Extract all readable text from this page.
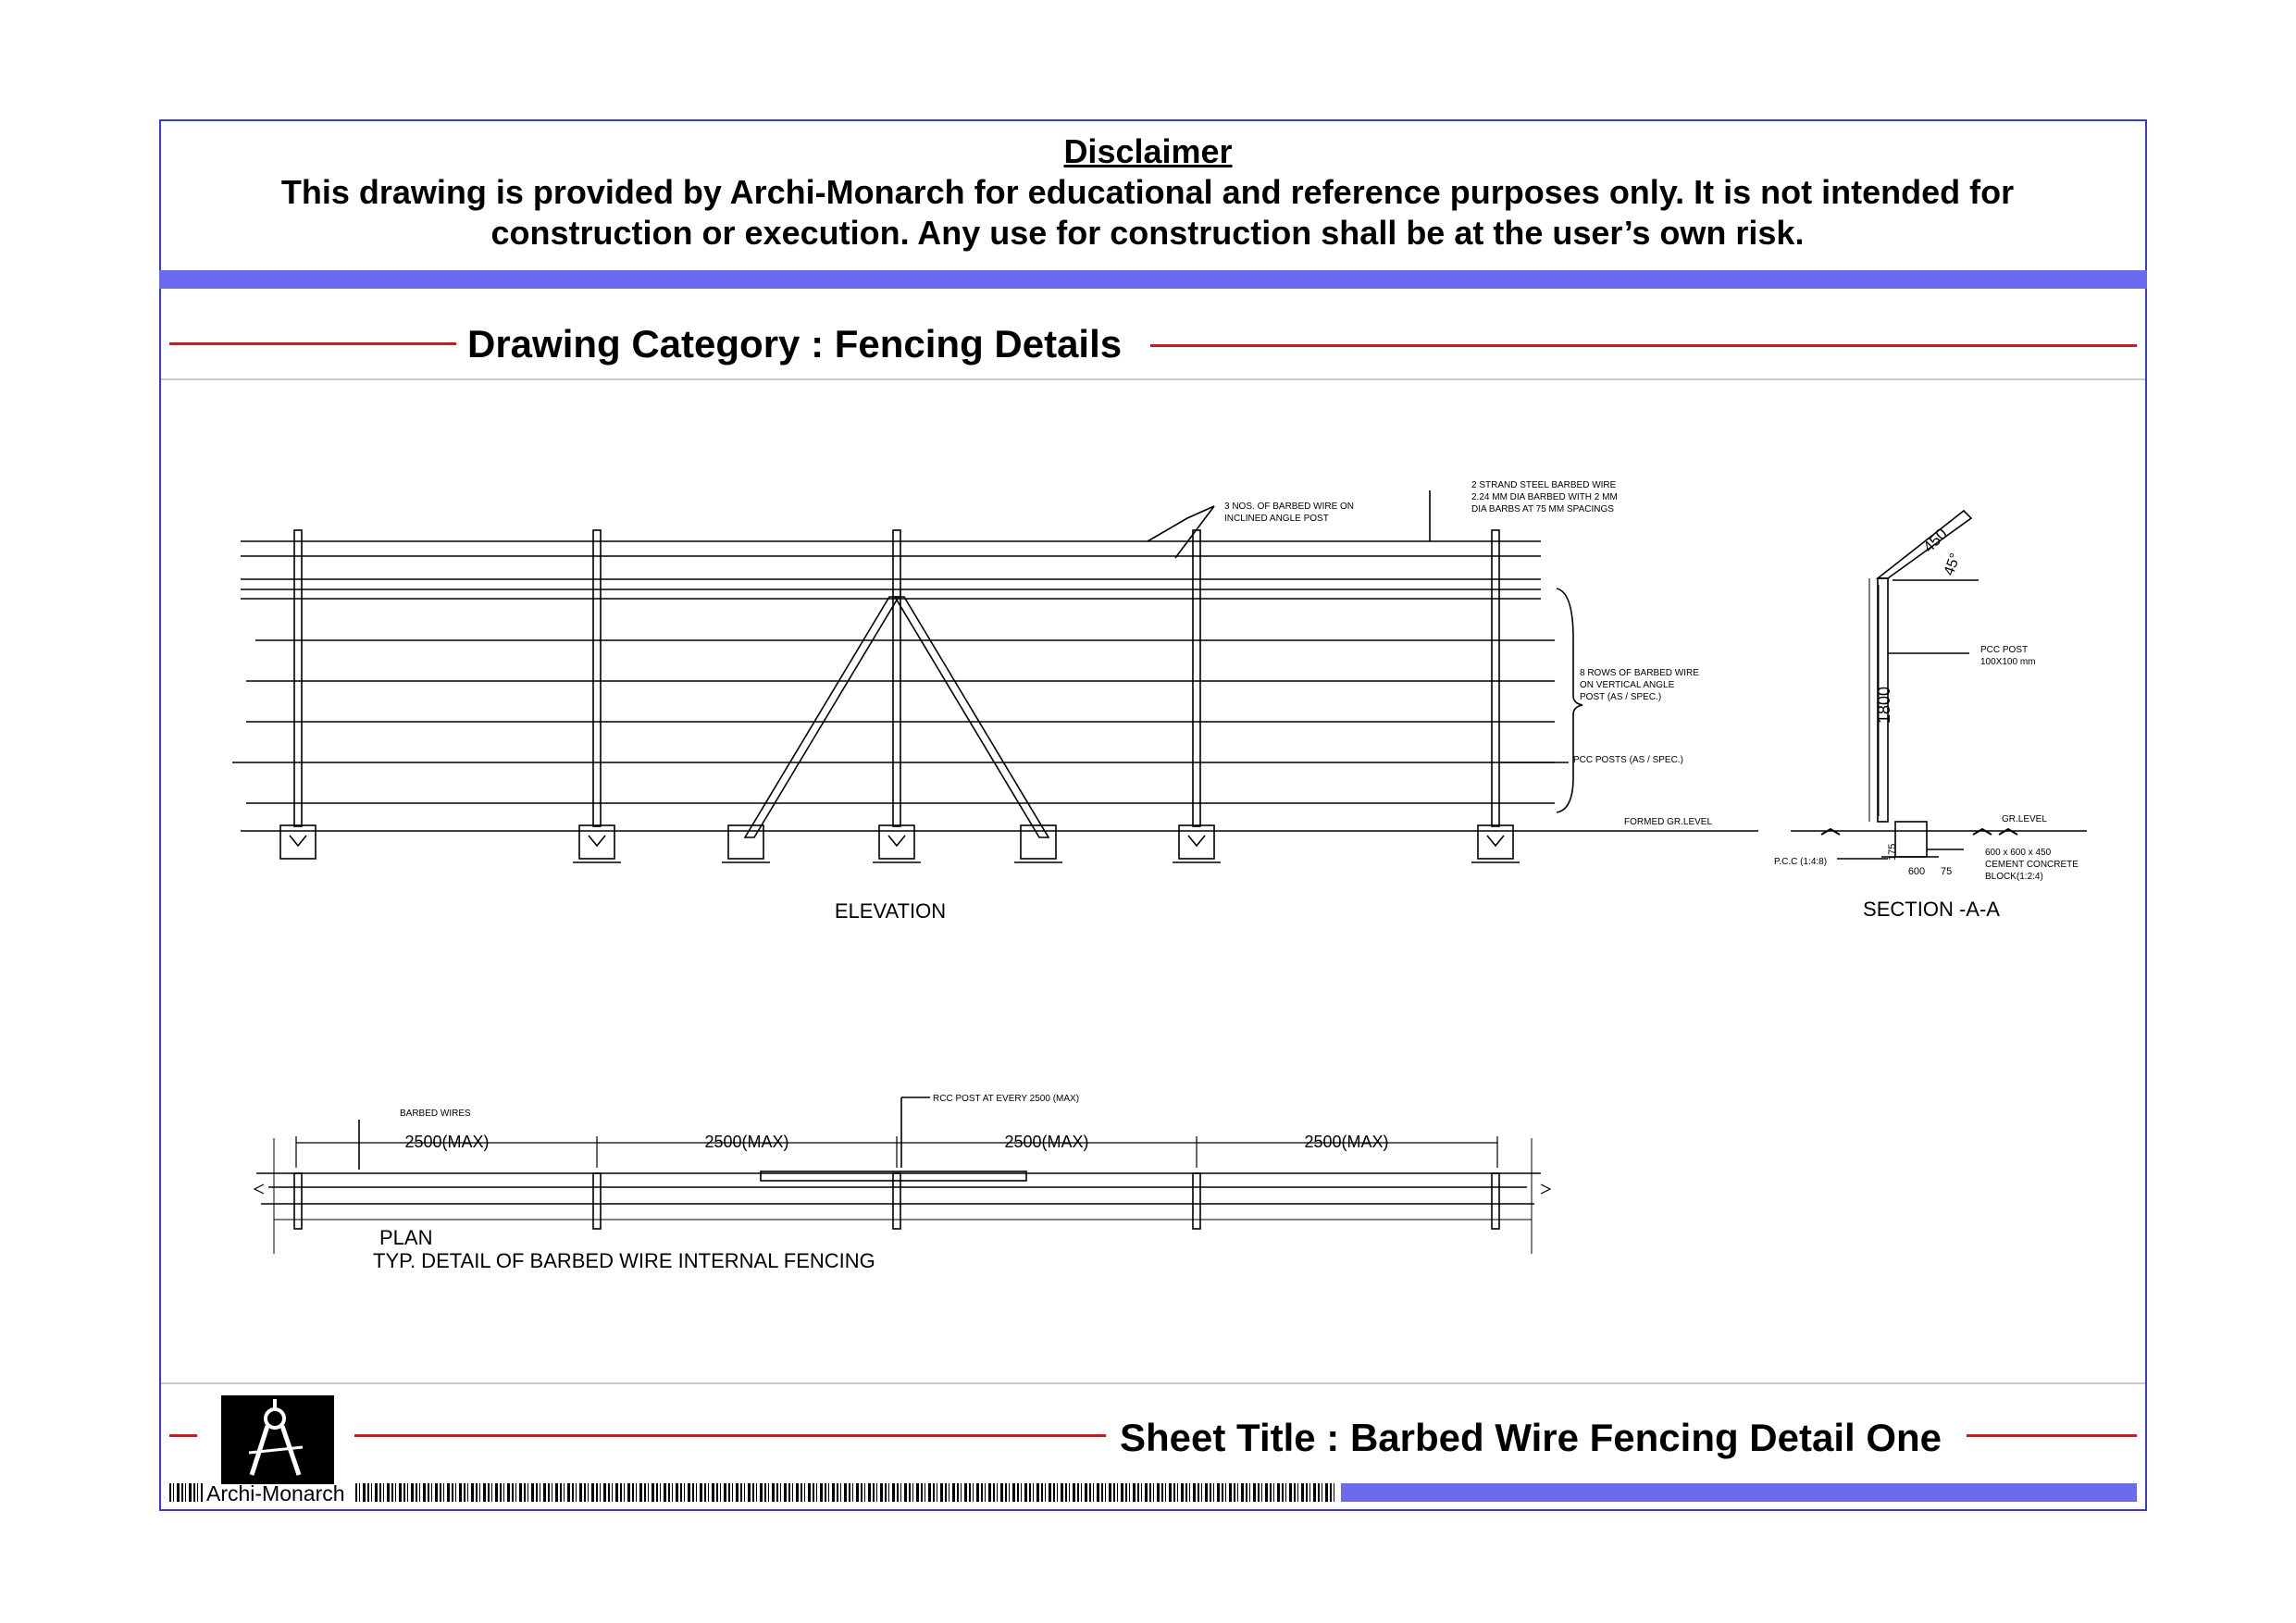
Disclaimer
This drawing is provided by Archi-Monarch for educational and reference purposes only. It is not intended for construction or execution. Any use for construction shall be at the user’s own risk.
Drawing Category : Fencing Details
Sheet Title : Barbed Wire Fencing Detail One
Archi-Monarch
ELEVATION
3 NOS. OF BARBED WIRE ON
INCLINED ANGLE POST
2 STRAND STEEL BARBED WIRE
2.24 MM DIA BARBED WITH 2 MM
DIA BARBS AT 75 MM SPACINGS
8 ROWS OF BARBED WIRE
ON VERTICAL ANGLE
POST (AS / SPEC.)
PCC POSTS (AS / SPEC.)
FORMED GR.LEVEL
SECTION -A-A
450
45°
1800
PCC POST
100X100 mm
GR.LEVEL
P.C.C (1:4:8)
600 x 600 x 450
CEMENT CONCRETE
BLOCK(1:2:4)
175
600 75
PLAN
TYP. DETAIL OF BARBED WIRE INTERNAL FENCING
BARBED WIRES
RCC POST AT EVERY 2500 (MAX)
2500(MAX)	2500(MAX)	2500(MAX)	2500(MAX)
